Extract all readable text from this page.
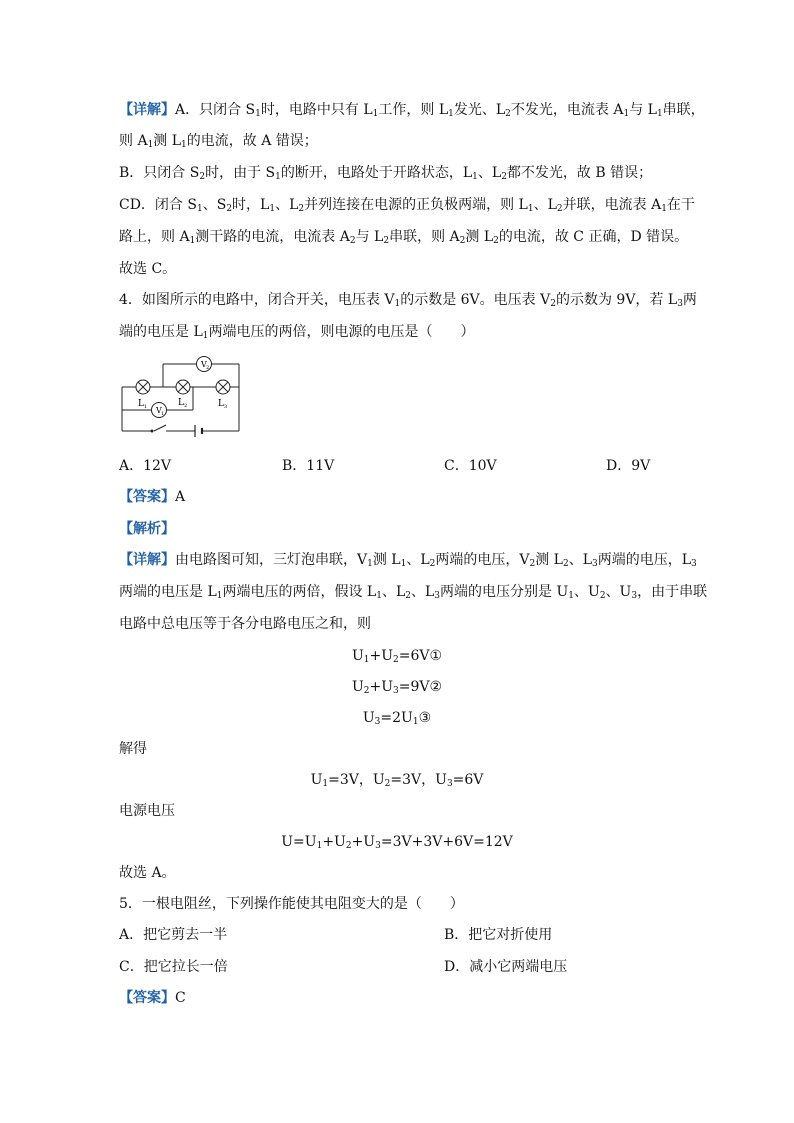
【详解】A．只闭合 $S_1$时，电路中只有 $L_1$工作，则 $L_1$发光、$L_2$不发光，电流表 $A_1$与 $L_1$串联，
则 $A_1$测 $L_1$的电流，故 A 错误；
B．只闭合 $S_2$时，由于 $S_1$的断开，电路处于开路状态，$L_1$、$L_2$都不发光，故 B 错误；
CD．闭合 $S_1$、$S_2$时，$L_1$、$L_2$并列连接在电源的正负极两端，则 $L_1$、$L_2$并联，电流表 $A_1$在干
路上，则 $A_1$测干路的电流，电流表 $A_2$与 $L_2$串联，则 $A_2$测 $L_2$的电流，故 C 正确，D 错误。
故选 C。
4．如图所示的电路中，闭合开关，电压表 $V_1$的示数是 6V。电压表 $V_2$的示数为 9V，若 $L_3$两
端的电压是 $L_1$两端电压的两倍，则电源的电压是（　　）
V 2
V 1
L 1	L 2	L 3
A．12V	B．11V	C．10V	D．9V
【答案】A
【解析】
【详解】由电路图可知，三灯泡串联，$V_1$测 $L_1$、$L_2$两端的电压，$V_2$测 $L_2$、$L_3$两端的电压，$L_3$
两端的电压是 $L_1$两端电压的两倍，假设 $L_1$、$L_2$、$L_3$两端的电压分别是 $U_1$、$U_2$、$U_3$，由于串联
电路中总电压等于各分电路电压之和，则
$U_1+U_2=6V①$
$U_2+U_3=9V②$
$U_3=2U_1③$
解得
$U_1=3V$，$U_2=3V$，$U_3=6V$
电源电压
$U=U_1+U_2+U_3=3V+3V+6V=12V$
故选 A。
5．一根电阻丝，下列操作能使其电阻变大的是（　　）
A．把它剪去一半	B．把它对折使用
C．把它拉长一倍	D．减小它两端电压
【答案】C
